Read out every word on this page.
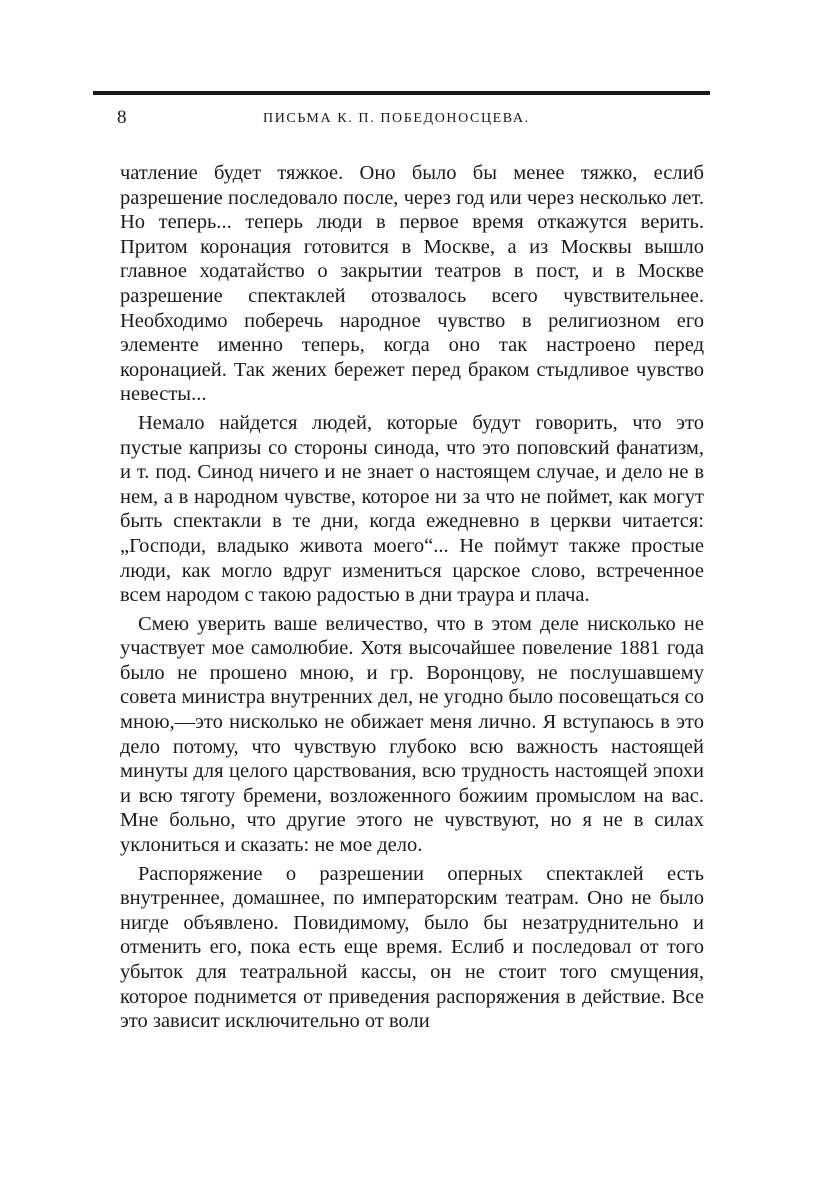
8	ПИСЬМА К. П. ПОБЕДОНОСЦЕВА.

чатление будет тяжкое. Оно было бы менее тяжко, еслиб разрешение последовало после, через год или через несколько лет. Но теперь... теперь люди в первое время откажутся верить. Притом коронация готовится в Москве, а из Москвы вышло главное ходатайство о закрытии театров в пост, и в Москве разрешение спектаклей отозвалось всего чувствительнее. Необходимо поберечь народное чувство в религиозном его элементе именно теперь, когда оно так настроено перед коронацией. Так жених бережет перед браком стыдливое чувство невесты...

Немало найдется людей, которые будут говорить, что это пустые капризы со стороны синода, что это поповский фанатизм, и т. под. Синод ничего и не знает о настоящем случае, и дело не в нем, а в народном чувстве, которое ни за что не поймет, как могут быть спектакли в те дни, когда ежедневно в церкви читается: „Господи, владыко живота моего“... Не поймут также простые люди, как могло вдруг измениться царское слово, встреченное всем народом с такою радостью в дни траура и плача.

Смею уверить ваше величество, что в этом деле нисколько не участвует мое самолюбие. Хотя высочайшее повеление 1881 года было не прошено мною, и гр. Воронцову, не послушавшему совета министра внутренних дел, не угодно было посовещаться со мною,—это нисколько не обижает меня лично. Я вступаюсь в это дело потому, что чувствую глубоко всю важность настоящей минуты для целого царствования, всю трудность настоящей эпохи и всю тяготу бремени, возложенного божиим промыслом на вас. Мне больно, что другие этого не чувствуют, но я не в силах уклониться и сказать: не мое дело.

Распоряжение о разрешении оперных спектаклей есть внутреннее, домашнее, по императорским театрам. Оно не было нигде объявлено. Повидимому, было бы незатруднительно и отменить его, пока есть еще время. Еслиб и последовал от того убыток для театральной кассы, он не стоит того смущения, которое поднимется от приведения распоряжения в действие. Все это зависит исключительно от воли
